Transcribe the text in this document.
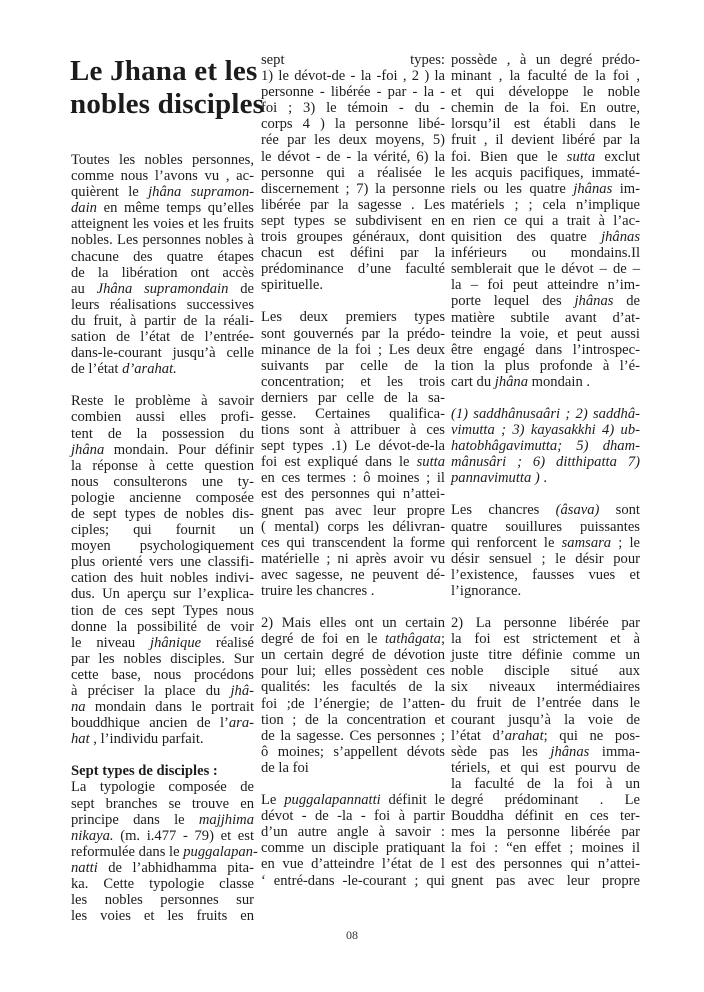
Le Jhana et les
nobles disciples
Toutes les nobles personnes,
comme nous l’avons vu , ac-
quièrent le jhâna supramon-
dain en même temps qu’elles
atteignent les voies et les fruits
nobles. Les personnes nobles à
chacune des quatre étapes
de la libération ont accès
au Jhâna supramondain de
leurs réalisations successives
du fruit, à partir de la réali-
sation de l’état de l’entrée-
dans-le-courant jusqu’à celle
de l’état d’arahat.
Reste le problème à savoir
combien aussi elles profi-
tent de la possession du
jhâna mondain. Pour définir
la réponse à cette question
nous consulterons une ty-
pologie ancienne composée
de sept types de nobles dis-
ciples; qui fournit un
moyen psychologiquement
plus orienté vers une classifi-
cation des huit nobles indivi-
dus. Un aperçu sur l’explica-
tion de ces sept Types nous
donne la possibilité de voir
le niveau jhânique réalisé
par les nobles disciples. Sur
cette base, nous procédons
à préciser la place du jhâ-
na mondain dans le portrait
bouddhique ancien de l’ara-
hat , l’individu parfait.
Sept types de disciples :
La typologie composée de
sept branches se trouve en
principe dans le majjhima
nikaya. (m. i.477 - 79) et est
reformulée dans le puggalapan-
natti de l’abhidhamma pita-
ka. Cette typologie classe
les nobles personnes sur
les voies et les fruits en
sept types:
1) le dévot-de - la -foi , 2 ) la
personne - libérée - par - la -
foi ; 3) le témoin - du -
corps 4 ) la personne libé-
rée par les deux moyens, 5)
le dévot - de - la vérité, 6) la
personne qui a réalisée le
discernement ; 7) la personne
libérée par la sagesse . Les
sept types se subdivisent en
trois groupes généraux, dont
chacun est défini par la
prédominance d’une faculté
spirituelle.
Les deux premiers types
sont gouvernés par la prédo-
minance de la foi ; Les deux
suivants par celle de la
concentration; et les trois
derniers par celle de la sa-
gesse. Certaines qualifica-
tions sont à attribuer à ces
sept types .1) Le dévot-de-la
foi est expliqué dans le sutta
en ces termes : ô moines ; il
est des personnes qui n’attei-
gnent pas avec leur propre
( mental) corps les délivran-
ces qui transcendent la forme
matérielle ; ni après avoir vu
avec sagesse, ne peuvent dé-
truire les chancres .
2) Mais elles ont un certain
degré de foi en le tathâgata;
un certain degré de dévotion
pour lui; elles possèdent ces
qualités: les facultés de la
foi ;de l’énergie; de l’atten-
tion ; de la concentration et
de la sagesse. Ces personnes ;
ô moines; s’appellent dévots
de la foi
Le puggalapannatti définit le
dévot - de -la - foi à partir
d’un autre angle à savoir :
comme un disciple pratiquant
en vue d’atteindre l’état de l
‘ entré-dans -le-courant ; qui
possède , à un degré prédo-
minant , la faculté de la foi ,
et qui développe le noble
chemin de la foi. En outre,
lorsqu’il est établi dans le
fruit , il devient libéré par la
foi. Bien que le sutta exclut
les acquis pacifiques, immaté-
riels ou les quatre jhânas im-
matériels ; ; cela n’implique
en rien ce qui a trait à l’ac-
quisition des quatre jhânas
inférieurs ou mondains.Il
semblerait que le dévot – de –
la – foi peut atteindre n’im-
porte lequel des jhânas de
matière subtile avant d’at-
teindre la voie, et peut aussi
être engagé dans l’introspec-
tion la plus profonde à l’é-
cart du jhâna mondain .
(1) saddhânusaâri ; 2) saddhâ-
vimutta ; 3) kayasakkhi 4) ub-
hatobhâgavimutta; 5) dham-
mânusâri ; 6) ditthipatta 7)
pannavimutta ) .
Les chancres (âsava) sont
quatre souillures puissantes
qui renforcent le samsara ; le
désir sensuel ; le désir pour
l’existence, fausses vues et
l’ignorance.
2) La personne libérée par
la foi est strictement et à
juste titre définie comme un
noble disciple situé aux
six niveaux intermédiaires
du fruit de l’entrée dans le
courant jusqu’à la voie de
l’état d’arahat; qui ne pos-
sède pas les jhânas imma-
tériels, et qui est pourvu de
la faculté de la foi à un
degré prédominant . Le
Bouddha définit en ces ter-
mes la personne libérée par
la foi : “en effet ; moines il
est des personnes qui n’attei-
gnent pas avec leur propre
08
